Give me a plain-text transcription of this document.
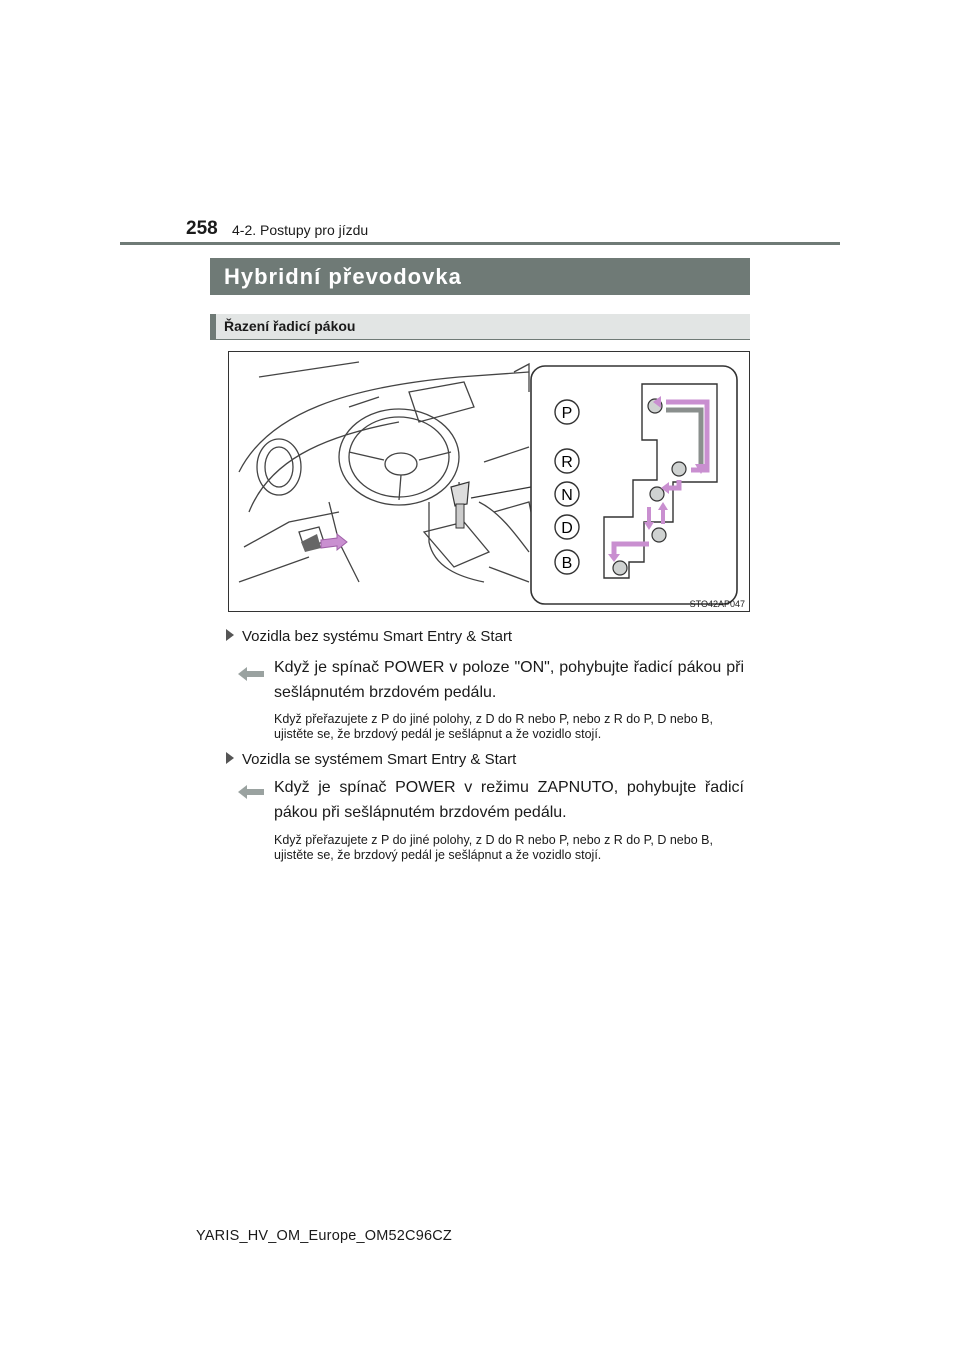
258 4-2. Postupy pro jízdu
Hybridní převodovka
Řazení řadicí pákou
P
R
N
D
B
STO42AP047
Vozidla bez systému Smart Entry & Start
Když je spínač POWER v poloze "ON", pohybujte řadicí pákou při sešlápnutém brzdovém pedálu.
Když přeřazujete z P do jiné polohy, z D do R nebo P, nebo z R do P, D nebo B, ujistěte se, že brzdový pedál je sešlápnut a že vozidlo stojí.
Vozidla se systémem Smart Entry & Start
Když je spínač POWER v režimu ZAPNUTO, pohybujte řadicí pákou při sešlápnutém brzdovém pedálu.
Když přeřazujete z P do jiné polohy, z D do R nebo P, nebo z R do P, D nebo B, ujistěte se, že brzdový pedál je sešlápnut a že vozidlo stojí.
YARIS_HV_OM_Europe_OM52C96CZ
